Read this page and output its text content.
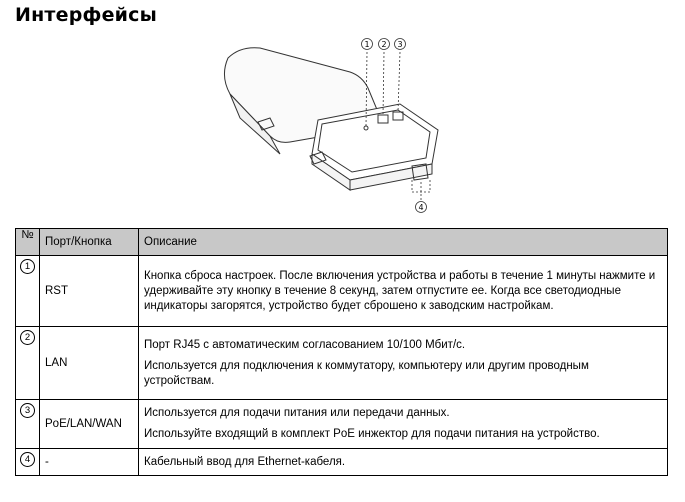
Интерфейсы
1 2 3
4
№	Порт/Кнопка	Описание
1	RST	Кнопка сброса настроек. После включения устройства и работы в течение 1 минуты нажмите и удерживайте эту кнопку в течение 8 секунд, затем отпустите ее. Когда все светодиодные индикаторы загорятся, устройство будет сброшено к заводским настройкам.

2	LAN	Порт RJ45 с автоматическим согласованием 10/100 Мбит/с.

Используется для подключения к коммутатору, компьютеру или другим проводным устройствам.

3	PoE/LAN/WAN	Используется для подачи питания или передачи данных.

Используйте входящий в комплект PoE инжектор для подачи питания на устройство.

4	-	Кабельный ввод для Ethernet-кабеля.
